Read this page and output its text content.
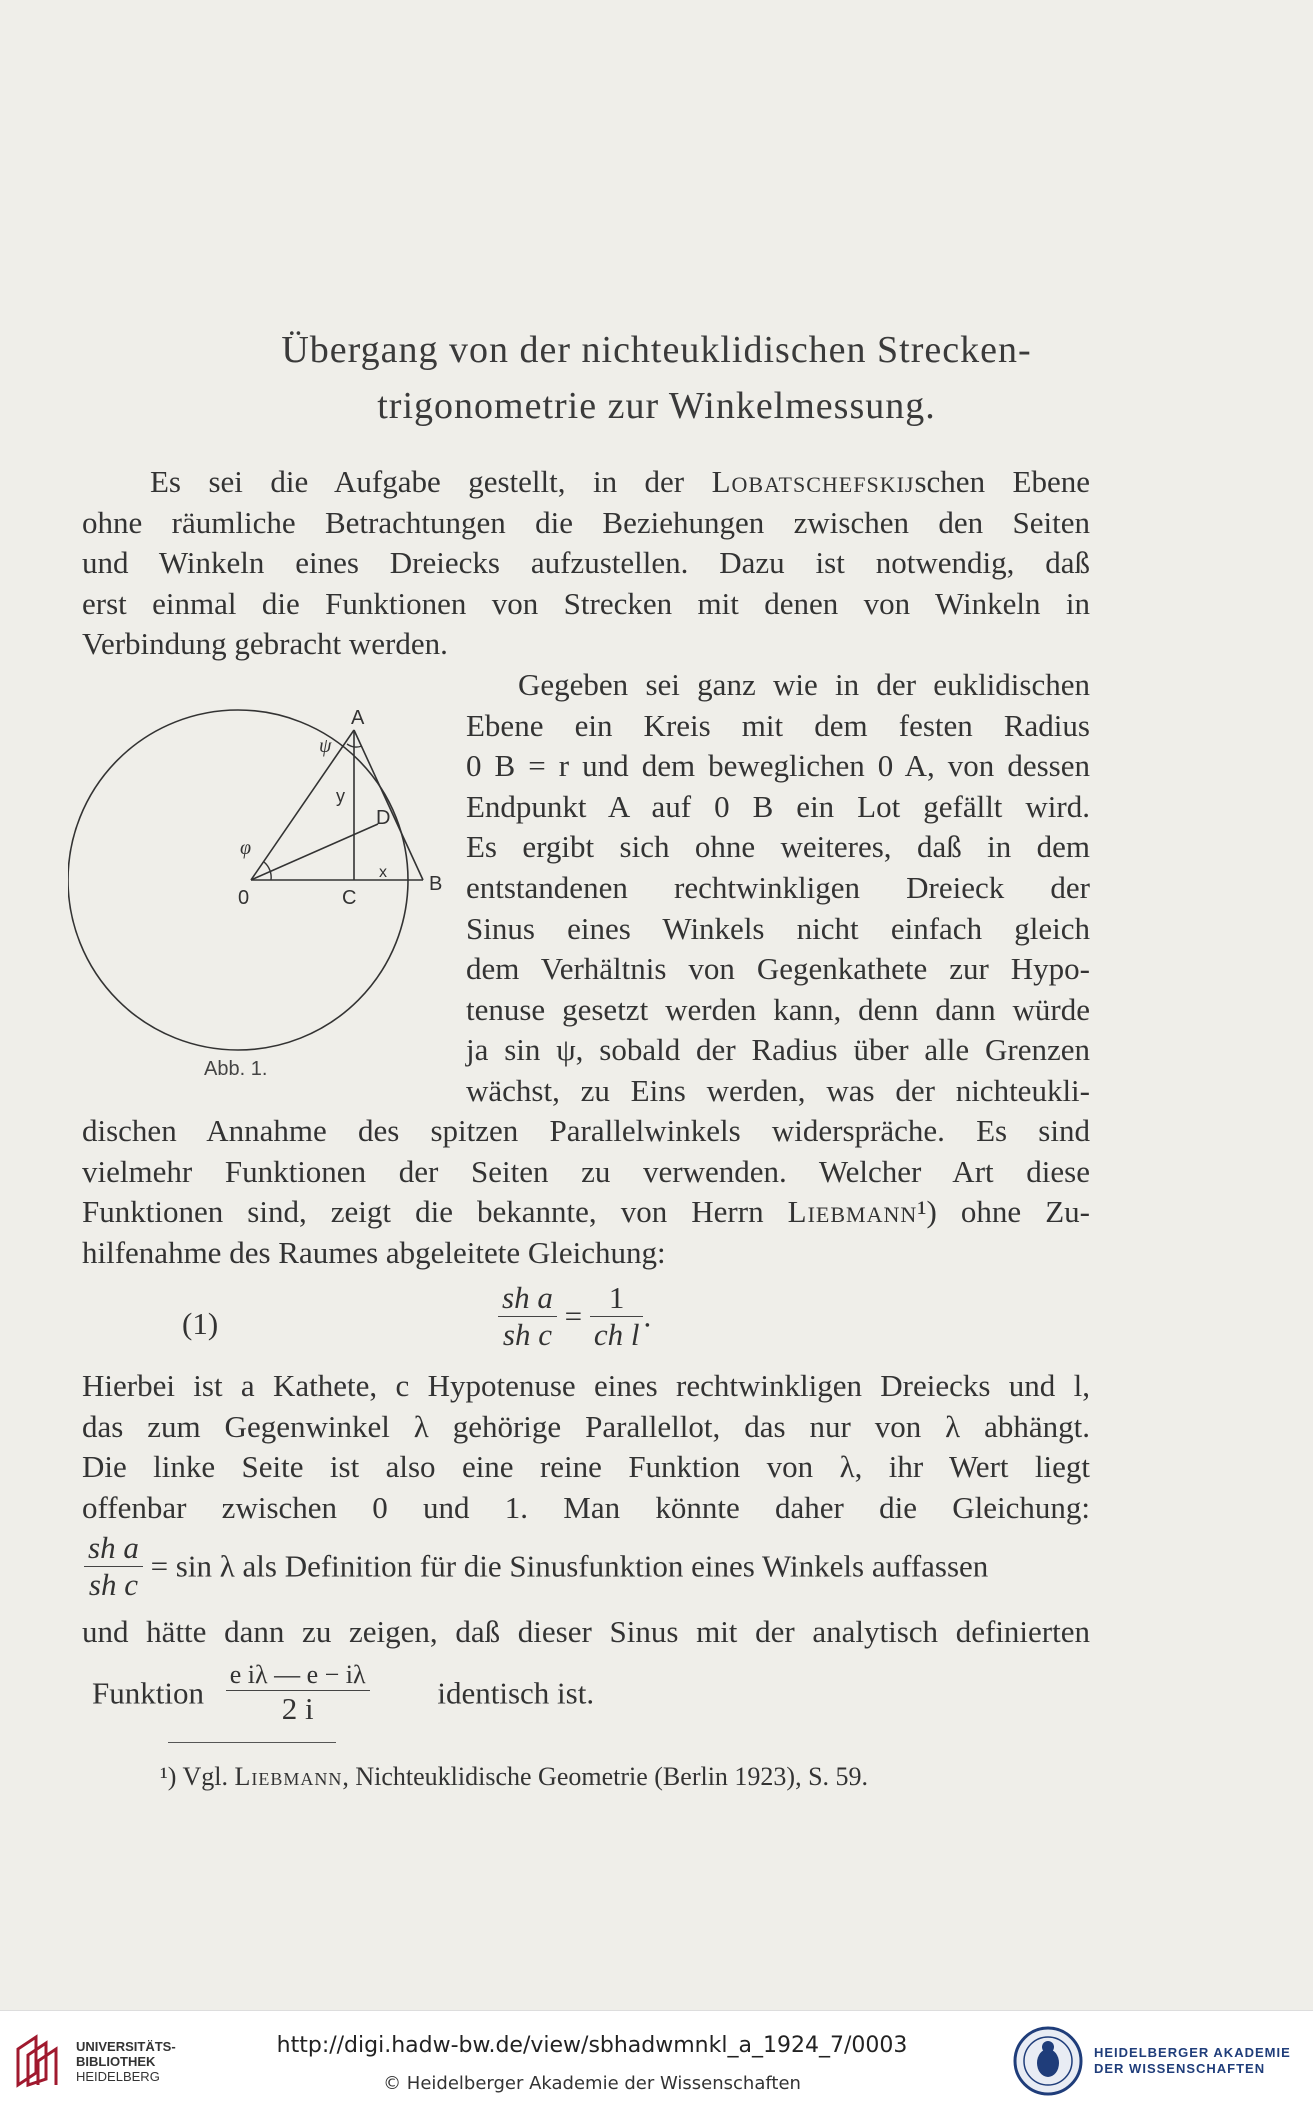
Übergang von der nichteuklidischen Strecken-
trigonometrie zur Winkelmessung.
Es sei die Aufgabe gestellt, in der Lobatschefskijschen Ebene
ohne räumliche Betrachtungen die Beziehungen zwischen den Seiten
und Winkeln eines Dreiecks aufzustellen. Dazu ist notwendig, daß
erst einmal die Funktionen von Strecken mit denen von Winkeln in
Verbindung gebracht werden.
A
B
0	C
D
x
y
φ
ψ
Abb. 1.
Gegeben sei ganz wie in der euklidischen
Ebene ein Kreis mit dem festen Radius
0 B = r und dem beweglichen 0 A, von dessen
Endpunkt A auf 0 B ein Lot gefällt wird.
Es ergibt sich ohne weiteres, daß in dem
entstandenen rechtwinkligen Dreieck der
Sinus eines Winkels nicht einfach gleich
dem Verhältnis von Gegenkathete zur Hypo-
tenuse gesetzt werden kann, denn dann würde
ja sin ψ, sobald der Radius über alle Grenzen
wächst, zu Eins werden, was der nichteukli-
dischen Annahme des spitzen Parallelwinkels widerspräche. Es sind
vielmehr Funktionen der Seiten zu verwenden. Welcher Art diese
Funktionen sind, zeigt die bekannte, von Herrn Liebmann¹) ohne Zu-
hilfenahme des Raumes abgeleitete Gleichung:
(1)	$\frac{\text{sh a}}{\text{sh c}} = \frac{1}{\text{ch l}}$ .
Hierbei ist a Kathete, c Hypotenuse eines rechtwinkligen Dreiecks und l,
das zum Gegenwinkel λ gehörige Parallellot, das nur von λ abhängt.
Die linke Seite ist also eine reine Funktion von λ, ihr Wert liegt
offenbar zwischen 0 und 1. Man könnte daher die Gleichung:
$\frac{\text{sh a}}{\text{sh c}} = \sin \lambda$ als Definition für die Sinusfunktion eines Winkels auffassen
und hätte dann zu zeigen, daß dieser Sinus mit der analytisch definierten
Funktion $\frac{\text{e iλ — e − iλ}}{2 i}$ identisch ist.
¹) Vgl. Liebmann, Nichteuklidische Geometrie (Berlin 1923), S. 59.
UNIVERSITÄTS-
BIBLIOTHEK
HEIDELBERG
http://digi.hadw-bw.de/view/sbhadwmnkl_a_1924_7/0003
© Heidelberger Akademie der Wissenschaften
HEIDELBERGER AKADEMIE
DER WISSENSCHAFTEN
